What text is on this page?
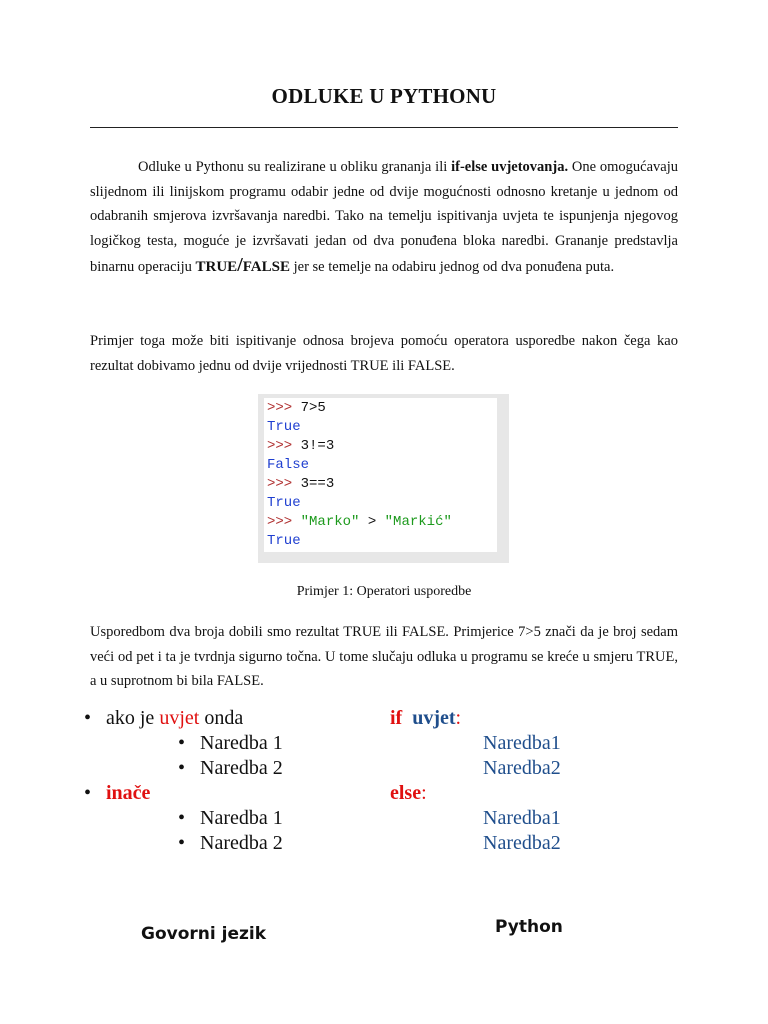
ODLUKE U PYTHONU
Odluke u Pythonu su realizirane u obliku grananja ili if-else uvjetovanja. One omogućavaju slijednom ili linijskom programu odabir jedne od dvije mogućnosti odnosno kretanje u jednom od odabranih smjerova izvršavanja naredbi. Tako na temelju ispitivanja uvjeta te ispunjenja njegovog logičkog testa, moguće je izvršavati jedan od dva ponuđena bloka naredbi. Grananje predstavlja binarnu operaciju TRUE/FALSE jer se temelje na odabiru jednog od dva ponuđena puta.
Primjer toga može biti ispitivanje odnosa brojeva pomoću operatora usporedbe nakon čega kao rezultat dobivamo jednu od dvije vrijednosti TRUE ili FALSE.
>>> 7>5
True
>>> 3!=3
False
>>> 3==3
True
>>> "Marko" > "Markić"
True
Primjer 1: Operatori usporedbe
Usporedbom dva broja dobili smo rezultat TRUE ili FALSE. Primjerice 7>5 znači da je broj sedam veći od pet i ta je tvrdnja sigurno točna. U tome slučaju odluka u programu se kreće u smjeru TRUE, a u suprotnom bi bila FALSE.
• ako je uvjet onda
• Naredba 1
• Naredba 2
• inače
• Naredba 1
• Naredba 2
if uvjet:
Naredba1
Naredba2
else:
Naredba1
Naredba2
Govorni jezik	Python
